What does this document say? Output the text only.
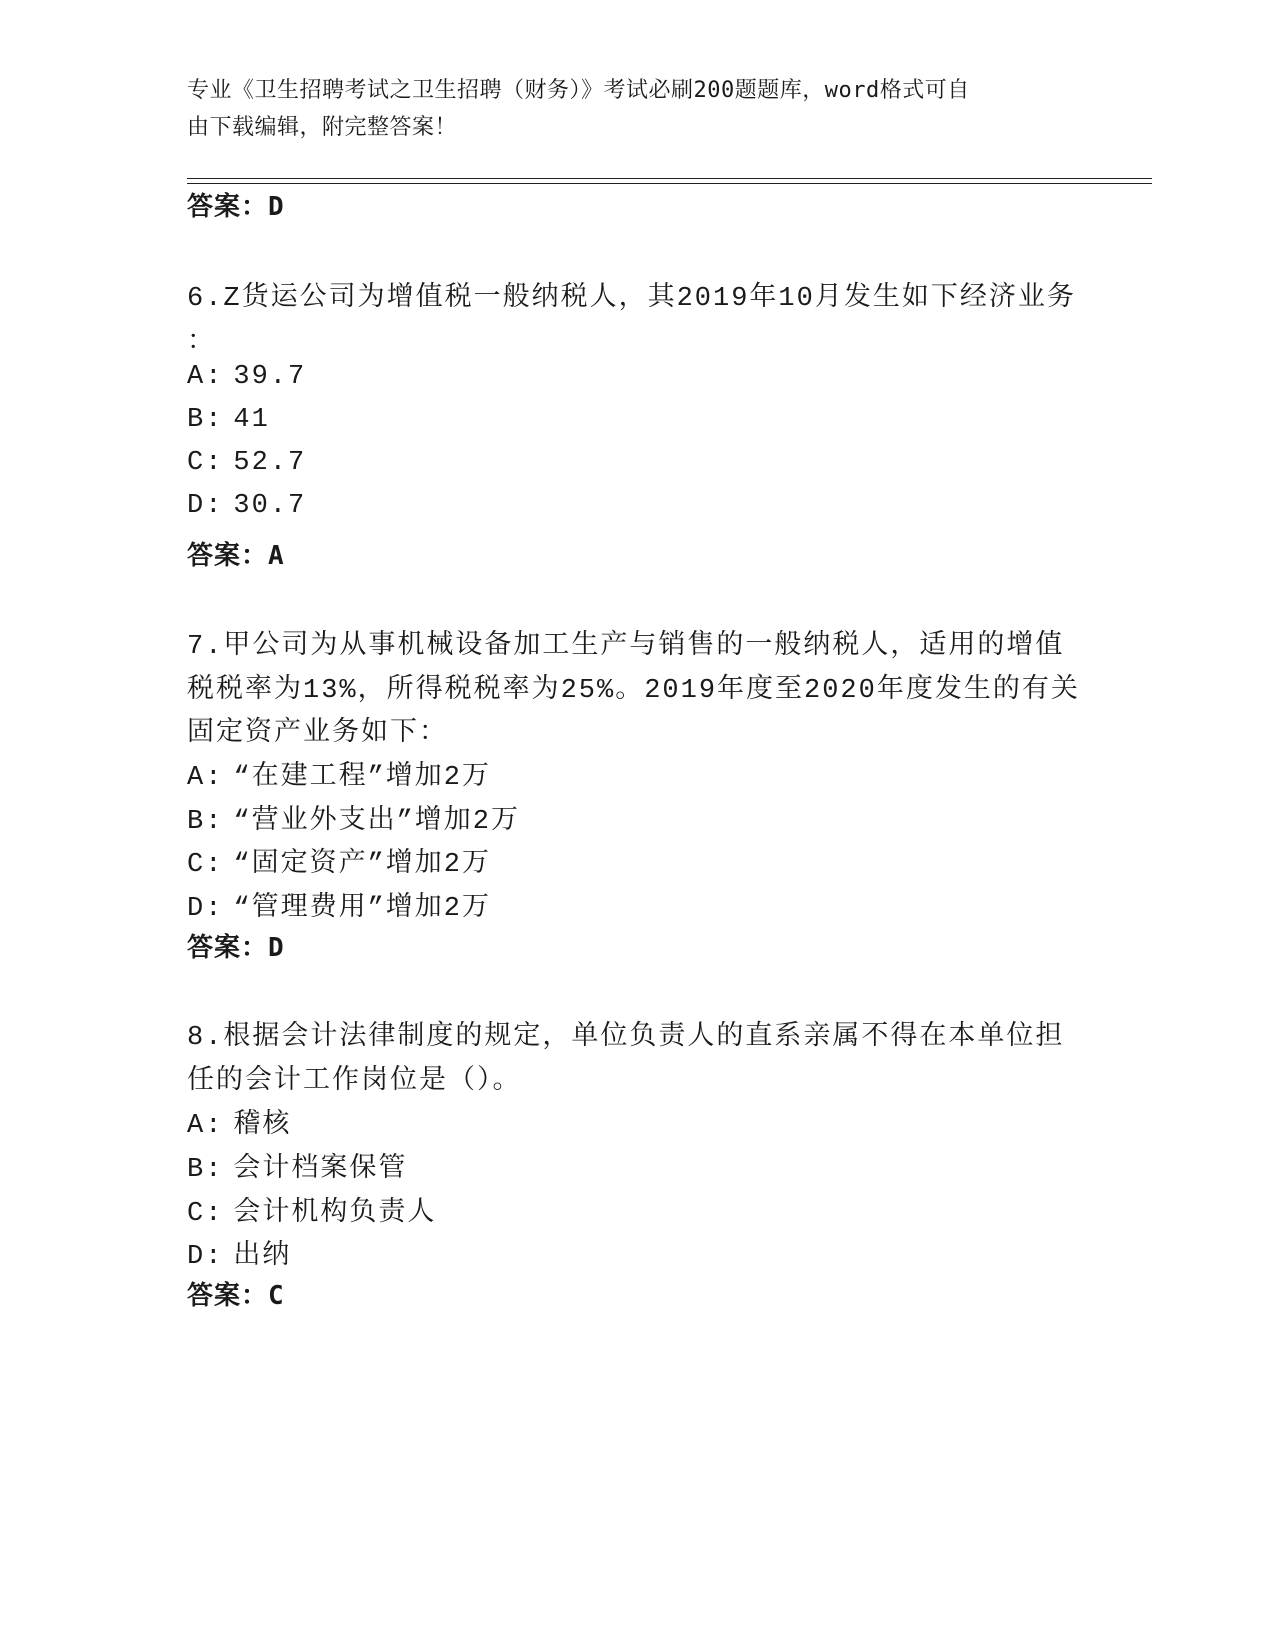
专业《卫生招聘考试之卫生招聘（财务）》考试必刷200题题库，word格式可自
由下载编辑，附完整答案！
答案：D
6.Z货运公司为增值税一般纳税人，其2019年10月发生如下经济业务
：
A: 39.7
B: 41
C: 52.7
D: 30.7
答案：A
7.甲公司为从事机械设备加工生产与销售的一般纳税人，适用的增值
税税率为13%，所得税税率为25%。2019年度至2020年度发生的有关
固定资产业务如下：
A: “在建工程”增加2万
B: “营业外支出”增加2万
C: “固定资产”增加2万
D: “管理费用”增加2万
答案：D
8.根据会计法律制度的规定，单位负责人的直系亲属不得在本单位担
任的会计工作岗位是（）。
A: 稽核
B: 会计档案保管
C: 会计机构负责人
D: 出纳
答案：C
